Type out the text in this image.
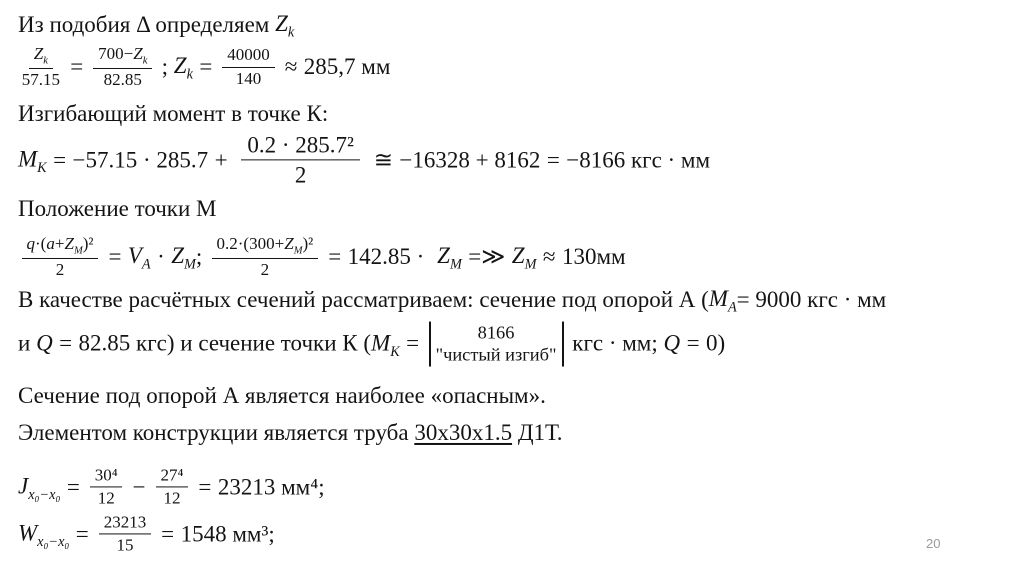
Из подобия Δ определяем $Z_k$
$\frac{Z_k}{57.15} = \frac{700-Z_k}{82.85}$ ; $Z_k = \frac{40000}{140} \approx 285,7$ мм
Изгибающий момент в точке К:
$M_K = -57.15 \cdot 285.7 + \frac{\text{0.2 · 285.7²}}{2}$ ≅ −16328 + 8162 = −8166 кгс · мм
Положение точки М
$\frac{q\cdot(a+Z_M)^2}{2} = V_A \cdot Z_M$ ; $\frac{0.2\cdot(300+Z_M)^2}{2} = 142.85 \cdot Z_M$ =≫ $Z_M \approx 130мм$
В качестве расчётных сечений рассматриваем: сечение под опорой А ( $M_A = 9000$ кгс · мм
и Q = 82.85 кгс) и сечение точки К ( $M_K$ =	8166
"чистый изгиб" кгс · мм; Q = 0)
Сечение под опорой А является наиболее «опасным».
Элементом конструкции является труба 30х30х1.5 Д1Т.
$J_{x_0-x_0} = \frac{\text{30⁴}}{12} - \frac{\text{27⁴}}{12} = 23213$ мм⁴;
$W_{x_0-x_0} = \frac{23213}{15} = 1548$ мм³;	20
